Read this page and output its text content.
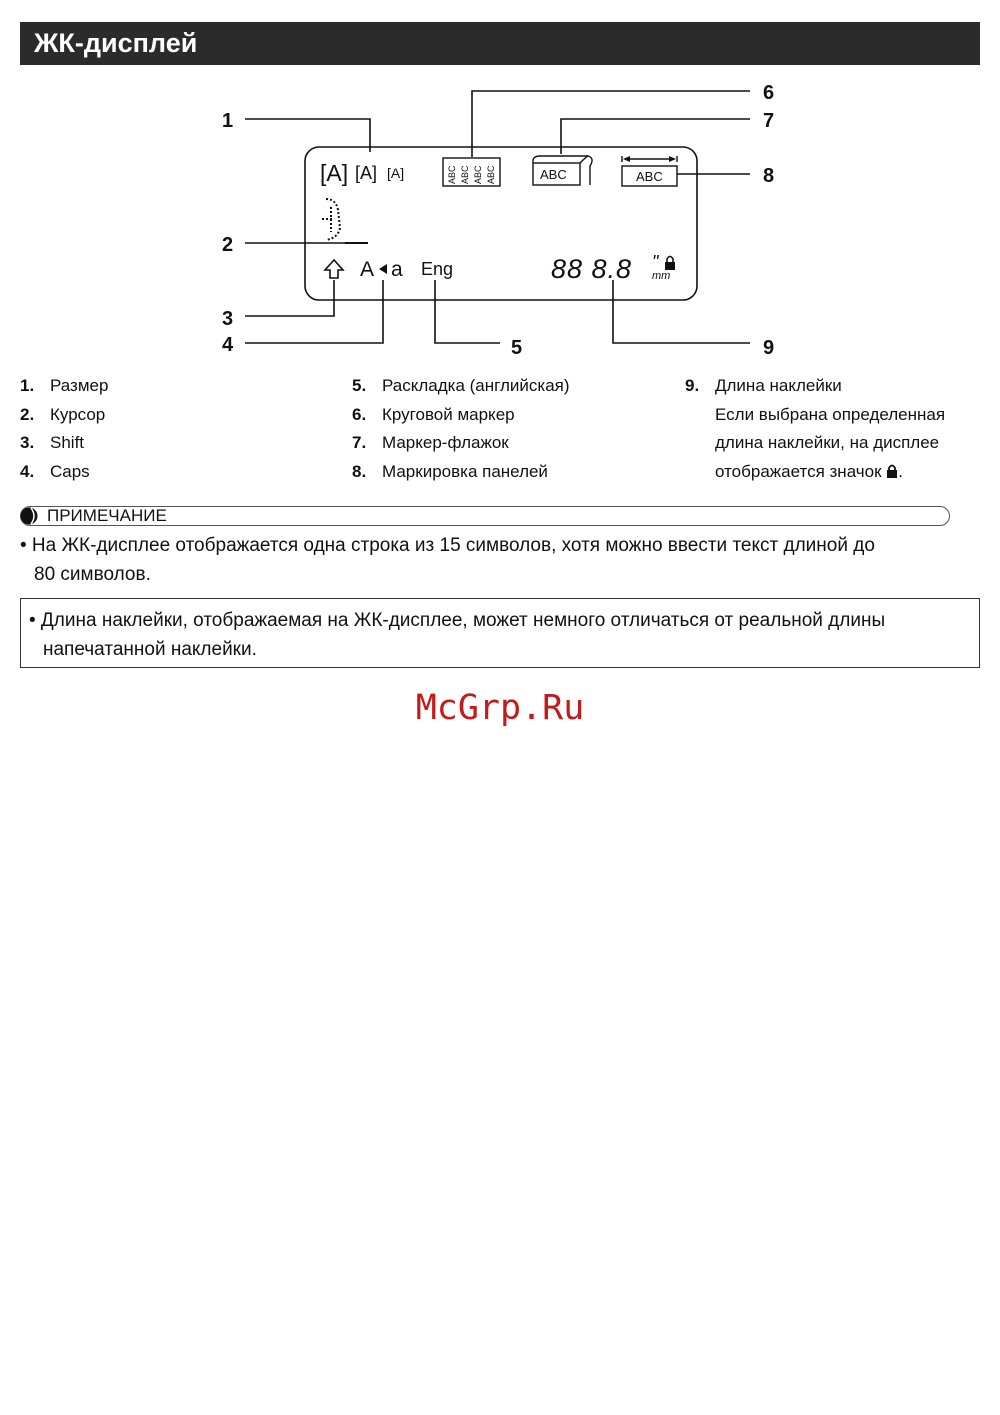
ЖК-дисплей
1
2
3
4	5
6
7
8
9
[A] [A] [A]	ABC ABC ABC ABC	ABC	ABC
A a Eng	88 8.8 "
mm
1. Размер
2. Курсор
3. Shift
4. Caps
5. Раскладка (английская)
6. Круговой маркер
7. Маркер-флажок
8. Маркировка панелей
9. Длина наклейки
Если выбрана определенная
длина наклейки, на дисплее
отображается значок .
ПРИМЕЧАНИЕ
• На ЖК-дисплее отображается одна строка из 15 символов, хотя можно ввести текст длиной до
80 символов.
• Длина наклейки, отображаемая на ЖК-дисплее, может немного отличаться от реальной длины
напечатанной наклейки.
McGrp.Ru
